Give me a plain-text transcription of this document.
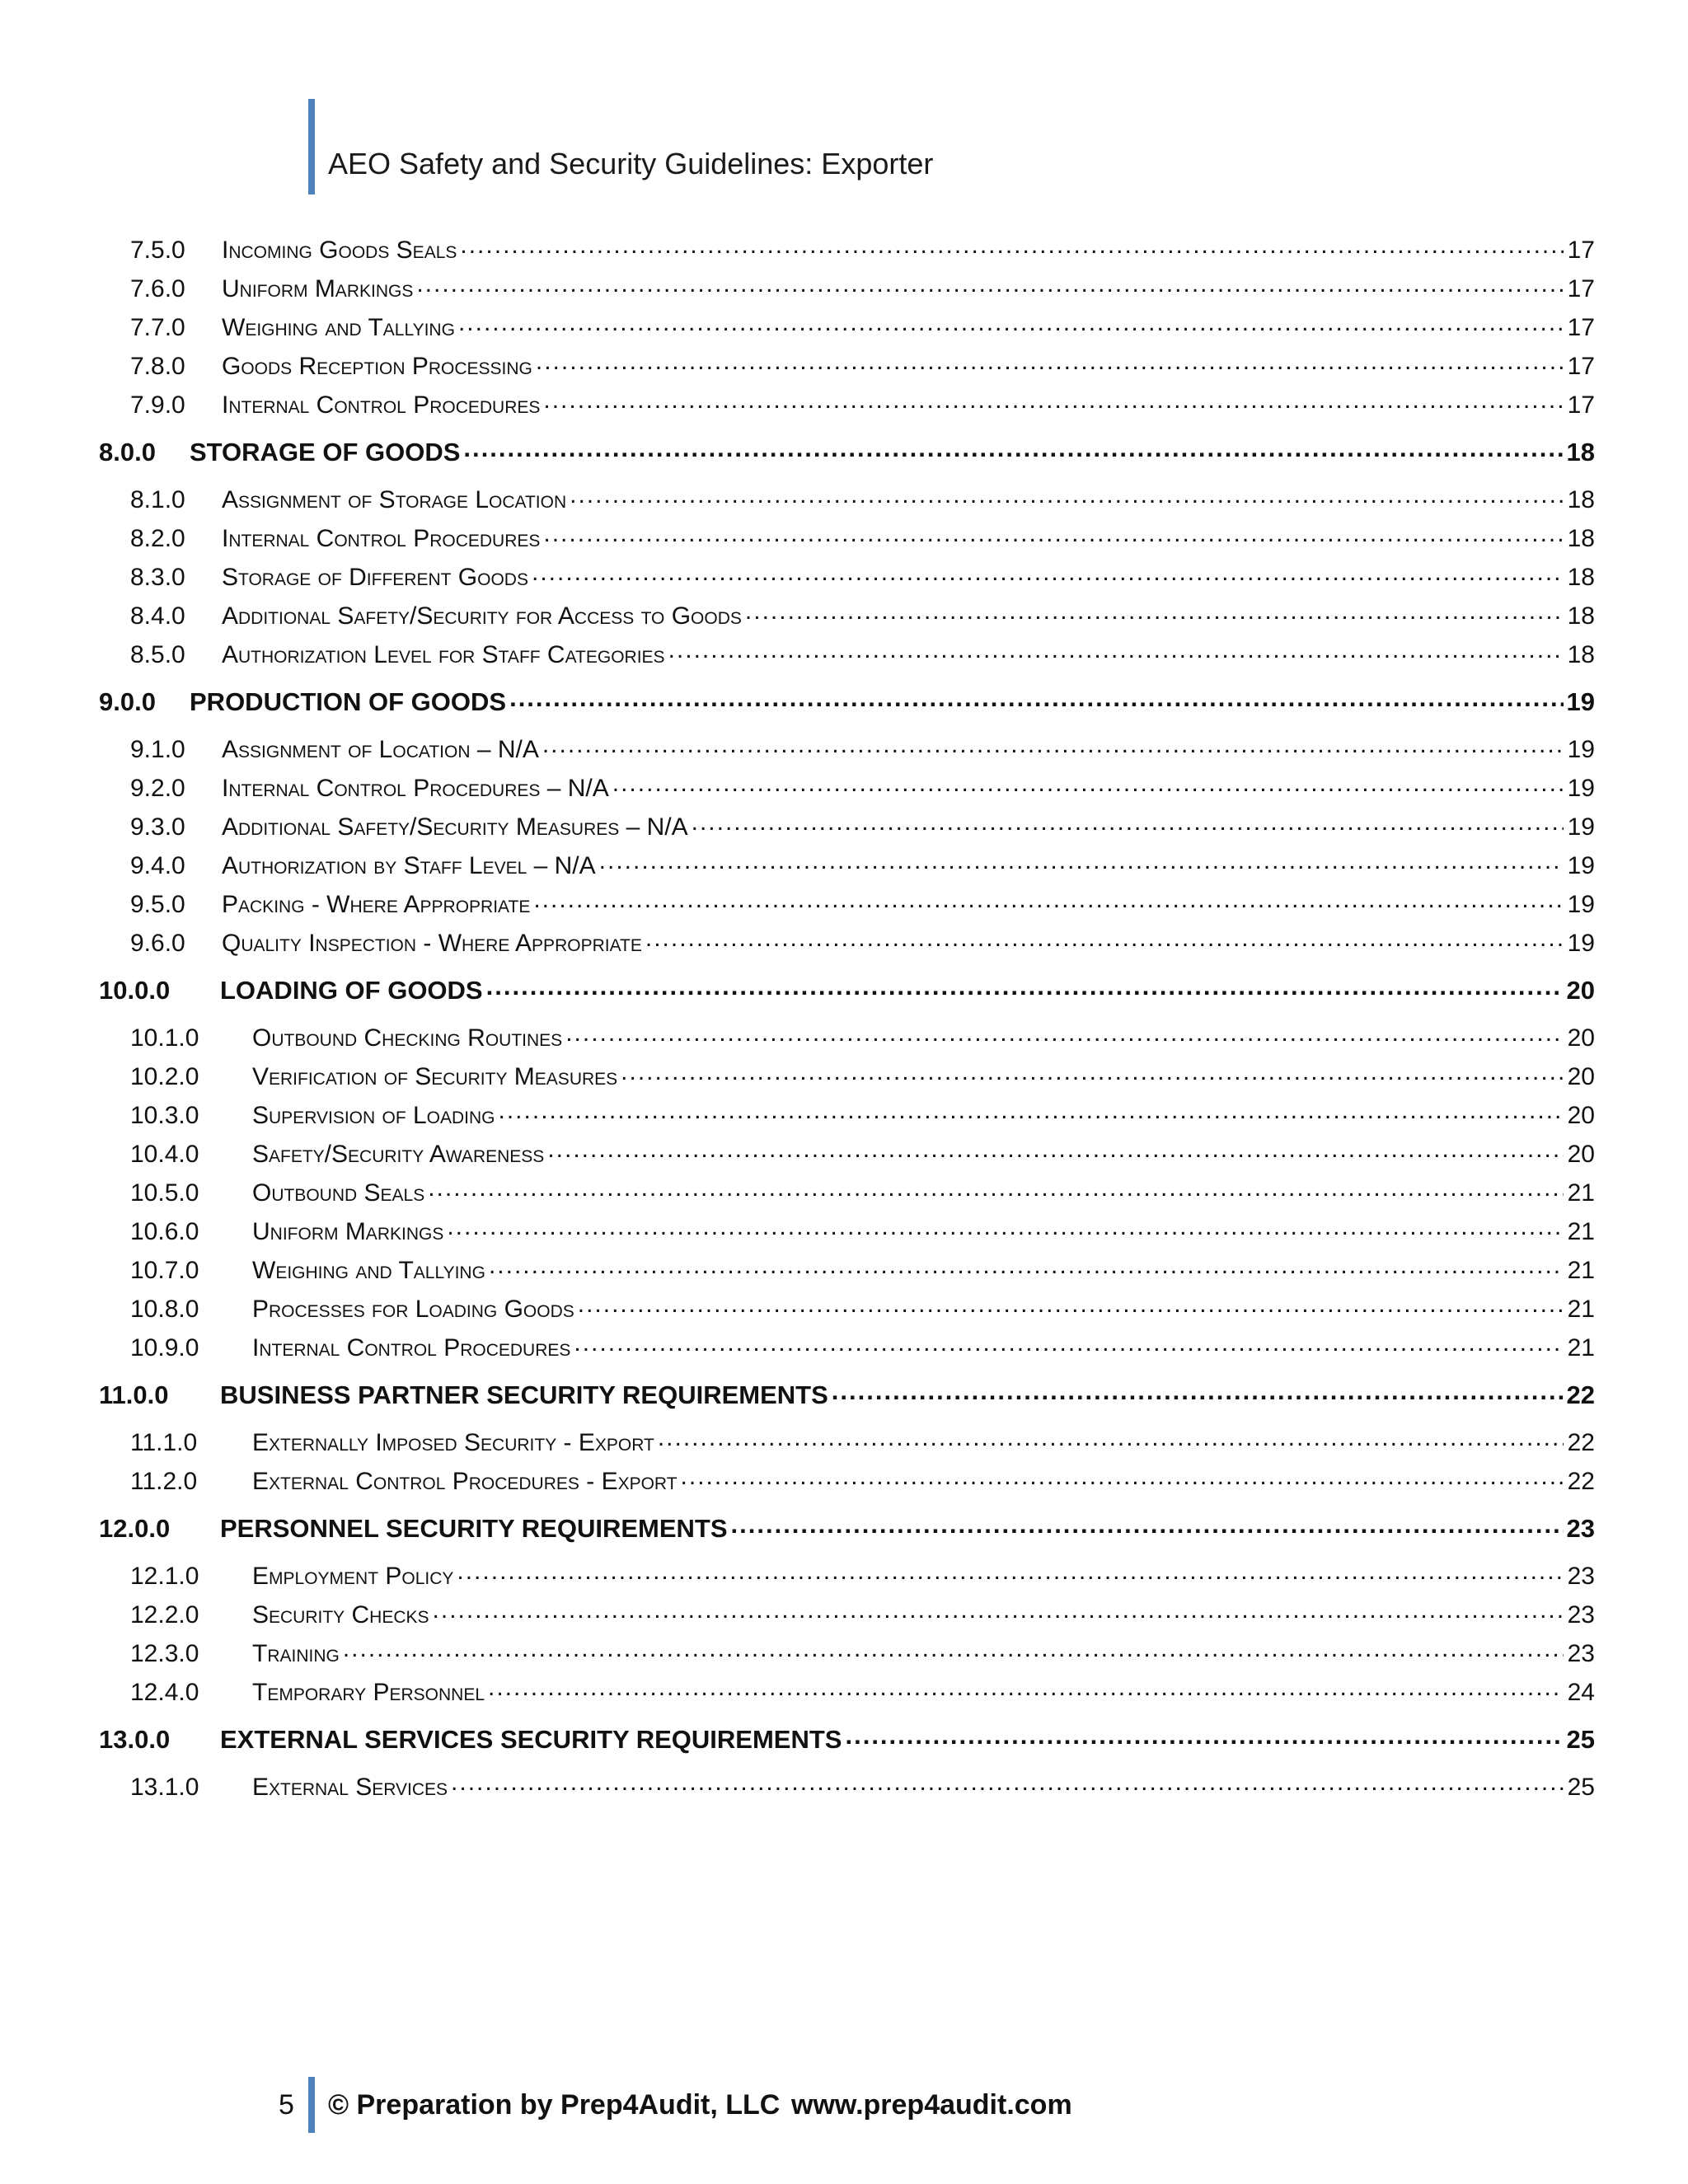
AEO Safety and Security Guidelines: Exporter
7.5.0	Incoming Goods Seals .....	17
7.6.0	Uniform Markings .....	17
7.7.0	Weighing and Tallying .....	17
7.8.0	Goods Reception Processing .....	17
7.9.0	Internal Control Procedures .....	17
8.0.0	STORAGE OF GOODS .....	18
8.1.0	Assignment of Storage Location .....	18
8.2.0	Internal Control Procedures .....	18
8.3.0	Storage of Different Goods .....	18
8.4.0	Additional Safety/Security for Access to Goods .....	18
8.5.0	Authorization Level for Staff Categories .....	18
9.0.0	PRODUCTION OF GOODS .....	19
9.1.0	Assignment of Location – N/A .....	19
9.2.0	Internal Control Procedures – N/A .....	19
9.3.0	Additional Safety/Security Measures – N/A .....	19
9.4.0	Authorization by Staff Level – N/A .....	19
9.5.0	Packing - Where Appropriate .....	19
9.6.0	Quality Inspection - Where Appropriate .....	19
10.0.0	LOADING OF GOODS .....	20
10.1.0	Outbound Checking Routines .....	20
10.2.0	Verification of Security Measures .....	20
10.3.0	Supervision of Loading .....	20
10.4.0	Safety/Security Awareness .....	20
10.5.0	Outbound Seals .....	21
10.6.0	Uniform Markings .....	21
10.7.0	Weighing and Tallying .....	21
10.8.0	Processes for Loading Goods .....	21
10.9.0	Internal Control Procedures .....	21
11.0.0	BUSINESS PARTNER SECURITY REQUIREMENTS .....	22
11.1.0	Externally Imposed Security - Export .....	22
11.2.0	External Control Procedures - Export .....	22
12.0.0	PERSONNEL SECURITY REQUIREMENTS .....	23
12.1.0	Employment Policy .....	23
12.2.0	Security Checks .....	23
12.3.0	Training .....	23
12.4.0	Temporary Personnel .....	24
13.0.0	EXTERNAL SERVICES SECURITY REQUIREMENTS .....	25
13.1.0	External Services .....	25
5 © Preparation by Prep4Audit, LLC www.prep4audit.com
